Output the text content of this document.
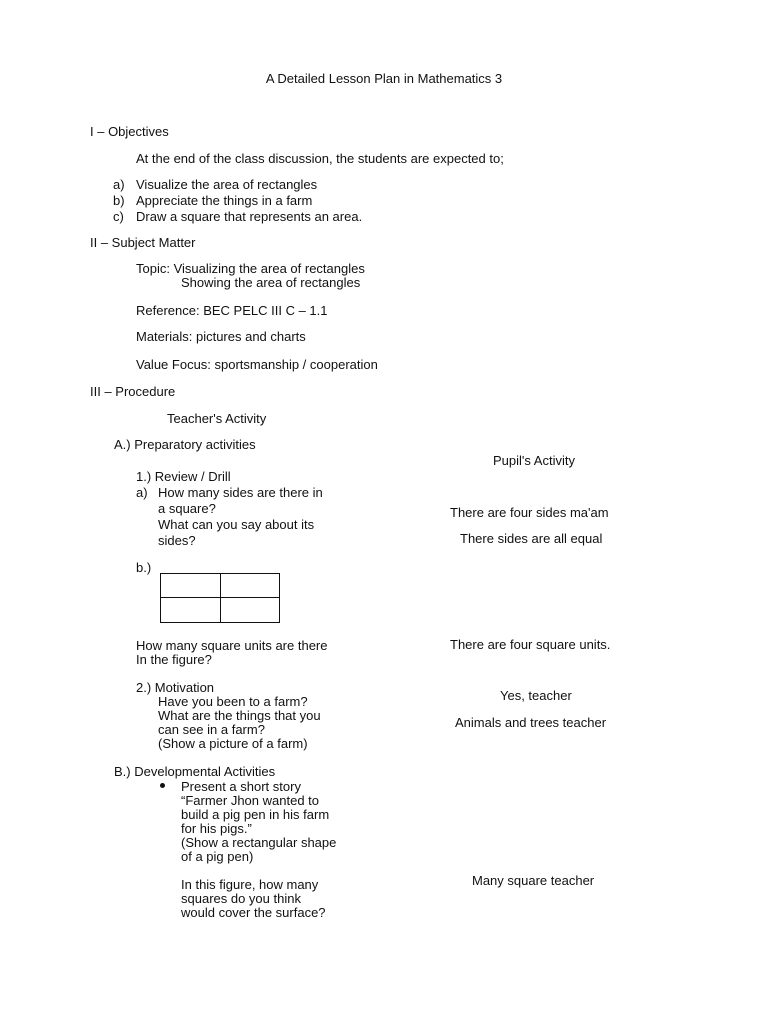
A Detailed Lesson Plan in Mathematics 3
I – Objectives
At the end of the class discussion, the students are expected to;
a) Visualize the area of rectangles
b) Appreciate the things in a farm
c) Draw a square that represents an area.
II – Subject Matter
Topic: Visualizing the area of rectangles
Showing the area of rectangles
Reference: BEC PELC III C – 1.1
Materials: pictures and charts
Value Focus: sportsmanship / cooperation
III – Procedure
Teacher's Activity
A.) Preparatory activities
Pupil's Activity
1.) Review / Drill
a) How many sides are there in
a square?
What can you say about its
sides?
There are four sides ma'am
There sides are all equal
b.)
How many square units are there
In the figure?
There are four square units.
2.) Motivation
Have you been to a farm?
What are the things that you
can see in a farm?
(Show a picture of a farm)
Yes, teacher
Animals and trees teacher
B.) Developmental Activities
Present a short story
“Farmer Jhon wanted to
build a pig pen in his farm
for his pigs.”
(Show a rectangular shape
of a pig pen)
In this figure, how many
squares do you think
would cover the surface?
Many square teacher
